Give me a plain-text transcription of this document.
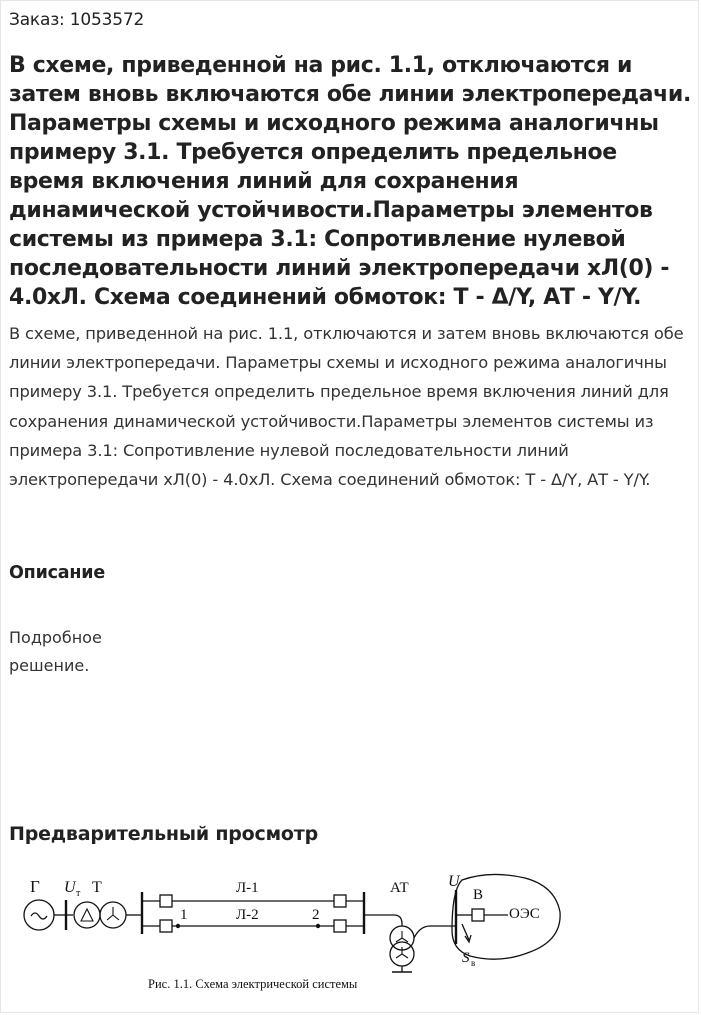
Заказ: 1053572
В схеме, приведенной на рис. 1.1, отключаются и затем вновь включаются обе линии электропередачи. Параметры схемы и исходного режима аналогичны примеру 3.1. Требуется определить предельное время включения линий для сохранения динамической устойчивости.Параметры элементов системы из примера 3.1: Сопротивление нулевой последовательности линий электропередачи хЛ(0) - 4.0хЛ. Схема соединений обмоток: Т - Δ/Y, АТ - Y/Y.

В схеме, приведенной на рис. 1.1, отключаются и затем вновь включаются обе линии электропередачи. Параметры схемы и исходного режима аналогичны примеру 3.1. Требуется определить предельное время включения линий для сохранения динамической устойчивости.Параметры элементов системы из примера 3.1: Сопротивление нулевой последовательности линий электропередачи хЛ(0) - 4.0хЛ. Схема соединений обмоток: Т - Δ/Y, АТ - Y/Y.

Описание

Подробное решение.

Предварительный просмотр
Г U т Т	Л-1
Л-2
1	2
АТ U
В
ОЭС
S в
Рис. 1.1. Схема электрической системы
